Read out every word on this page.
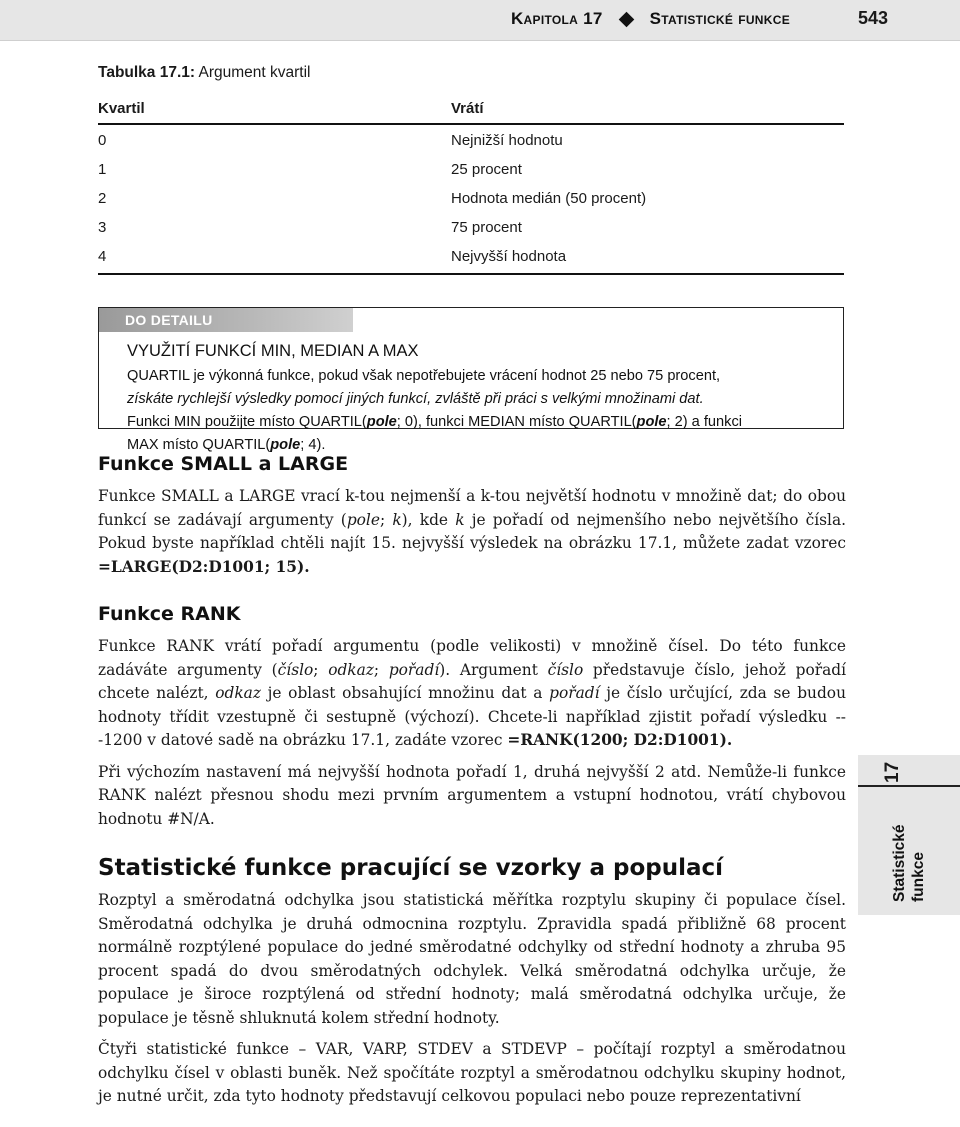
Kapitola 17	Statistické funkce	543
Tabulka 17.1: Argument kvartil
Kvartil	Vrátí
0	Nejnižší hodnotu
1	25 procent
2	Hodnota medián (50 procent)
3	75 procent
4	Nejvyšší hodnota
DO DETAILU
VYUŽITÍ FUNKCÍ MIN, MEDIAN A MAX
QUARTIL je výkonná funkce, pokud však nepotřebujete vrácení hodnot 25 nebo 75 procent,
získáte rychlejší výsledky pomocí jiných funkcí, zvláště při práci s velkými množinami dat.
Funkci MIN použijte místo QUARTIL(pole; 0), funkci MEDIAN místo QUARTIL(pole; 2) a funkci
MAX místo QUARTIL(pole; 4).
Funkce SMALL a LARGE

Funkce SMALL a LARGE vrací k-tou nejmenší a k-tou největší hodnotu v množině dat; do obou funkcí se zadávají argumenty (pole; k), kde k je pořadí od nejmenšího nebo největšího čísla. Pokud byste například chtěli najít 15. nejvyšší výsledek na obrázku 17.1, můžete zadat vzorec =LARGE(D2:D1001; 15).

Funkce RANK

Funkce RANK vrátí pořadí argumentu (podle velikosti) v množině čísel. Do této funkce zadáváte argumenty (číslo; odkaz; pořadí). Argument číslo představuje číslo, jehož pořadí chcete nalézt, odkaz je oblast obsahující množinu dat a pořadí je číslo určující, zda se budou hodnoty třídit vzestupně či sestupně (výchozí). Chcete-li například zjistit pořadí výsledku ---1200 v datové sadě na obrázku 17.1, zadáte vzorec =RANK(1200; D2:D1001).

Při výchozím nastavení má nejvyšší hodnota pořadí 1, druhá nejvyšší 2 atd. Nemůže-li funkce RANK nalézt přesnou shodu mezi prvním argumentem a vstupní hodnotou, vrátí chybovou hodnotu #N/A.

Statistické funkce pracující se vzorky a populací

Rozptyl a směrodatná odchylka jsou statistická měřítka rozptylu skupiny či populace čísel. Směrodatná odchylka je druhá odmocnina rozptylu. Zpravidla spadá přibližně 68 procent normálně rozptýlené populace do jedné směrodatné odchylky od střední hodnoty a zhruba 95 procent spadá do dvou směrodatných odchylek. Velká směrodatná odchylka určuje, že populace je široce rozptýlená od střední hodnoty; malá směrodatná odchylka určuje, že populace je těsně shluknutá kolem střední hodnoty.

Čtyři statistické funkce – VAR, VARP, STDEV a STDEVP – počítají rozptyl a směrodatnou odchylku čísel v oblasti buněk. Než spočítáte rozptyl a směrodatnou odchylku skupiny hodnot, je nutné určit, zda tyto hodnoty představují celkovou populaci nebo pouze reprezentativní

17
Statistické funkce
